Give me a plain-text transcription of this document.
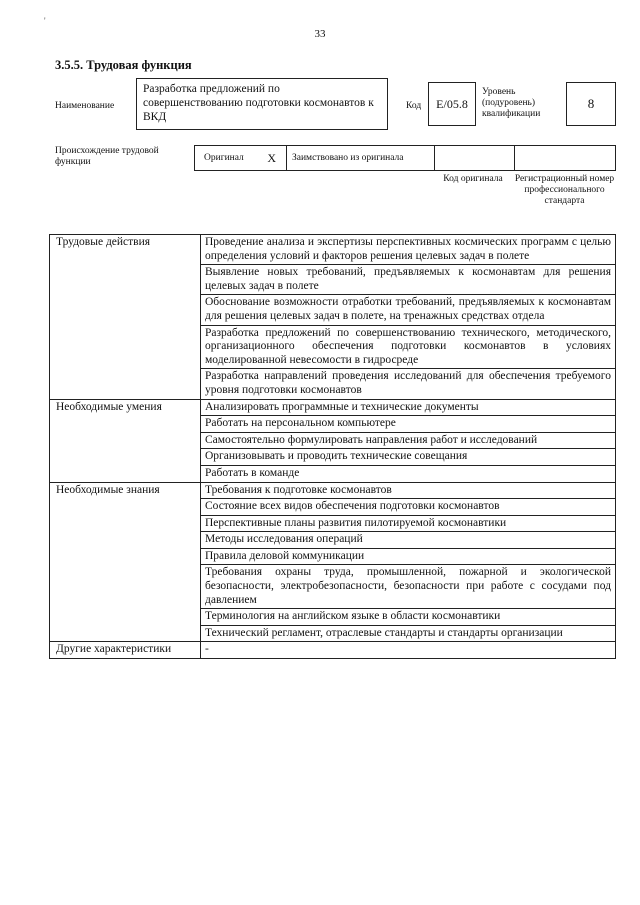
'
33
3.5.5. Трудовая функция
Наименование
Разработка предложений по совершенствованию подготовки космонавтов к ВКД
Код	E/05.8
Уровень (подуровень) квалификации
8
Происхождение трудовой функции	Оригинал X Заимствовано из оригинала
Код оригинала	Регистрационный номер профессионального стандарта
Трудовые действия	Проведение анализа и экспертизы перспективных космических программ с целью определения условий и факторов решения целевых задач в полете
	Выявление новых требований, предъявляемых к космонавтам для решения целевых задач в полете
	Обоснование возможности отработки требований, предъявляемых к космонавтам для решения целевых задач в полете, на тренажных средствах отдела
	Разработка предложений по совершенствованию технического, методического, организационного обеспечения подготовки космонавтов в условиях моделированной невесомости в гидросреде
	Разработка направлений проведения исследований для обеспечения требуемого уровня подготовки космонавтов
Необходимые умения	Анализировать программные и технические документы
	Работать на персональном компьютере
	Самостоятельно формулировать направления работ и исследований
	Организовывать и проводить технические совещания
	Работать в команде
Необходимые знания	Требования к подготовке космонавтов
	Состояние всех видов обеспечения подготовки космонавтов
	Перспективные планы развития пилотируемой космонавтики
	Методы исследования операций
	Правила деловой коммуникации
	Требования охраны труда, промышленной, пожарной и экологической безопасности, электробезопасности, безопасности при работе с сосудами под давлением
	Терминология на английском языке в области космонавтики
	Технический регламент, отраслевые стандарты и стандарты организации
Другие характеристики	-
